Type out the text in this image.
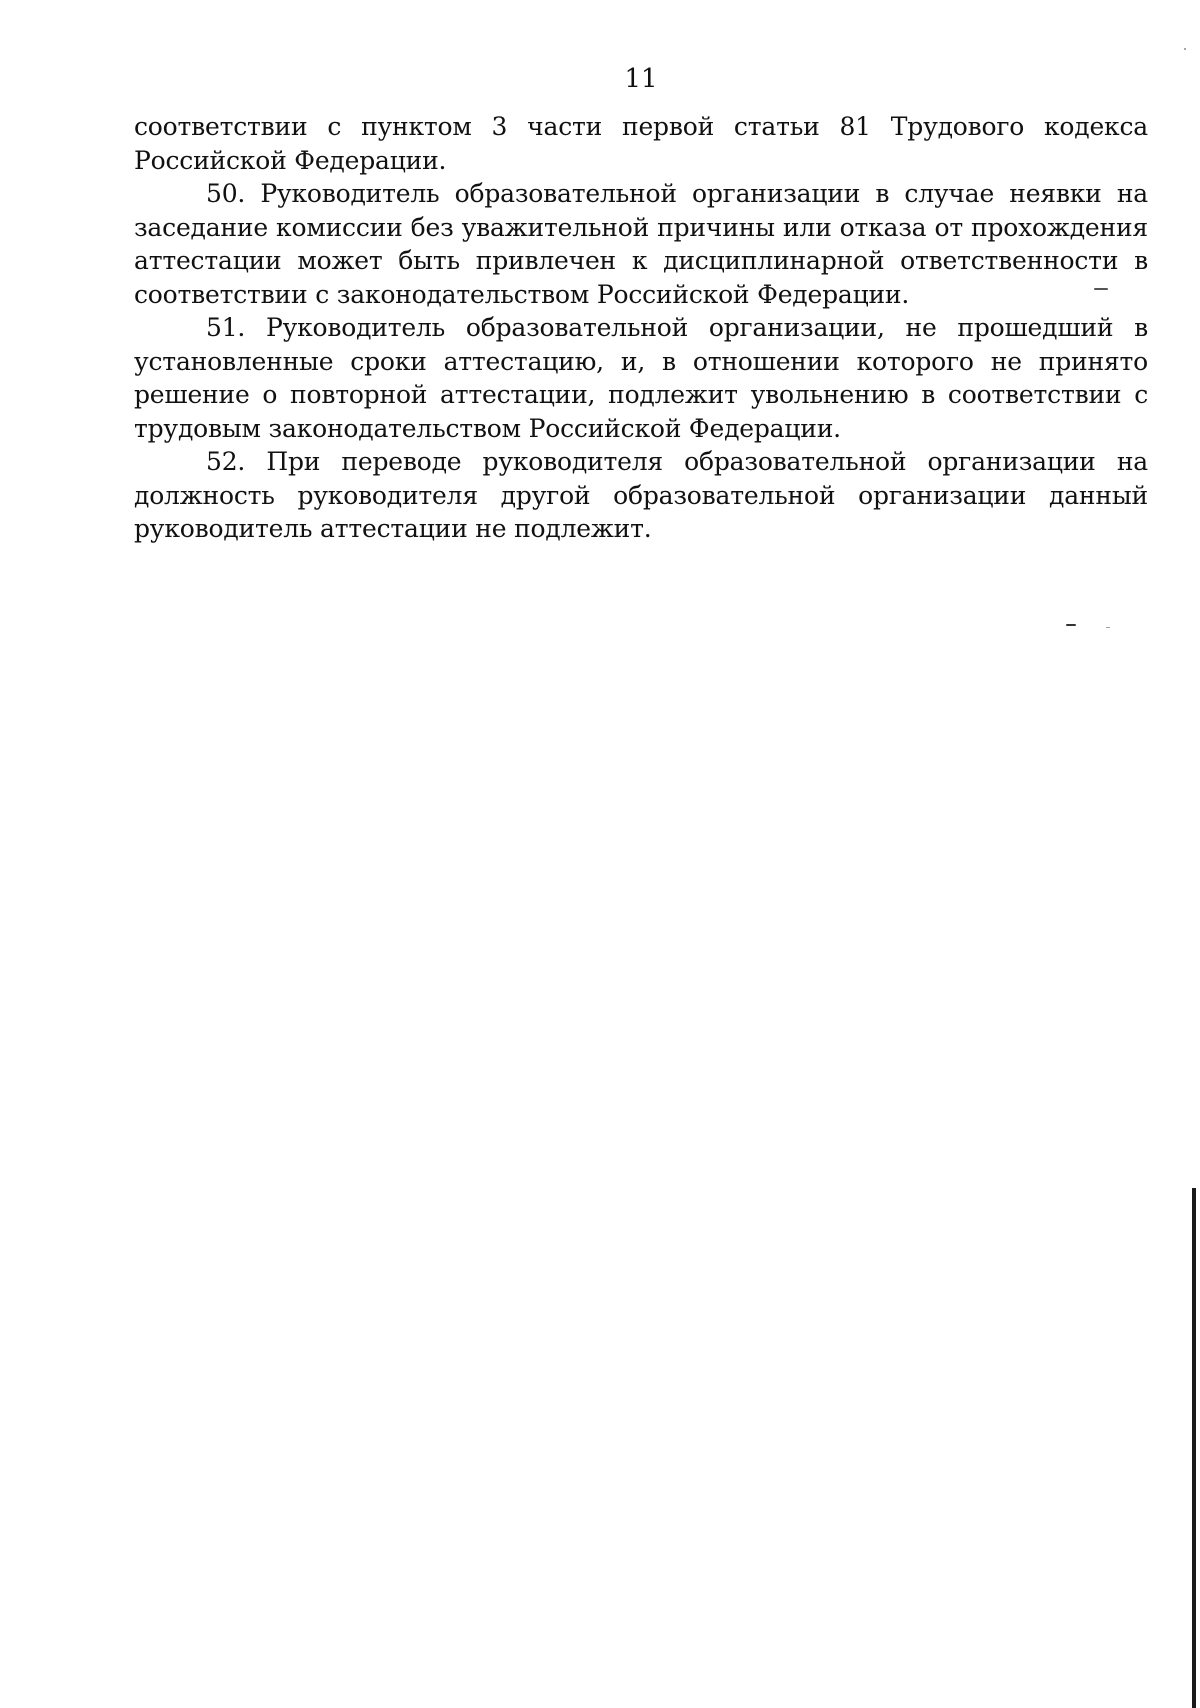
11

соответствии с пунктом 3 части первой статьи 81 Трудового кодекса Российской Федерации.

50. Руководитель образовательной организации в случае неявки на заседание комиссии без уважительной причины или отказа от прохождения аттестации может быть привлечен к дисциплинарной ответственности в соответствии с законодательством Российской Федерации.

51. Руководитель образовательной организации, не прошедший в установленные сроки аттестацию, и, в отношении которого не принято решение о повторной аттестации, подлежит увольнению в соответствии с трудовым законодательством Российской Федерации.

52. При переводе руководителя образовательной организации на должность руководителя другой образовательной организации данный руководитель аттестации не подлежит.
